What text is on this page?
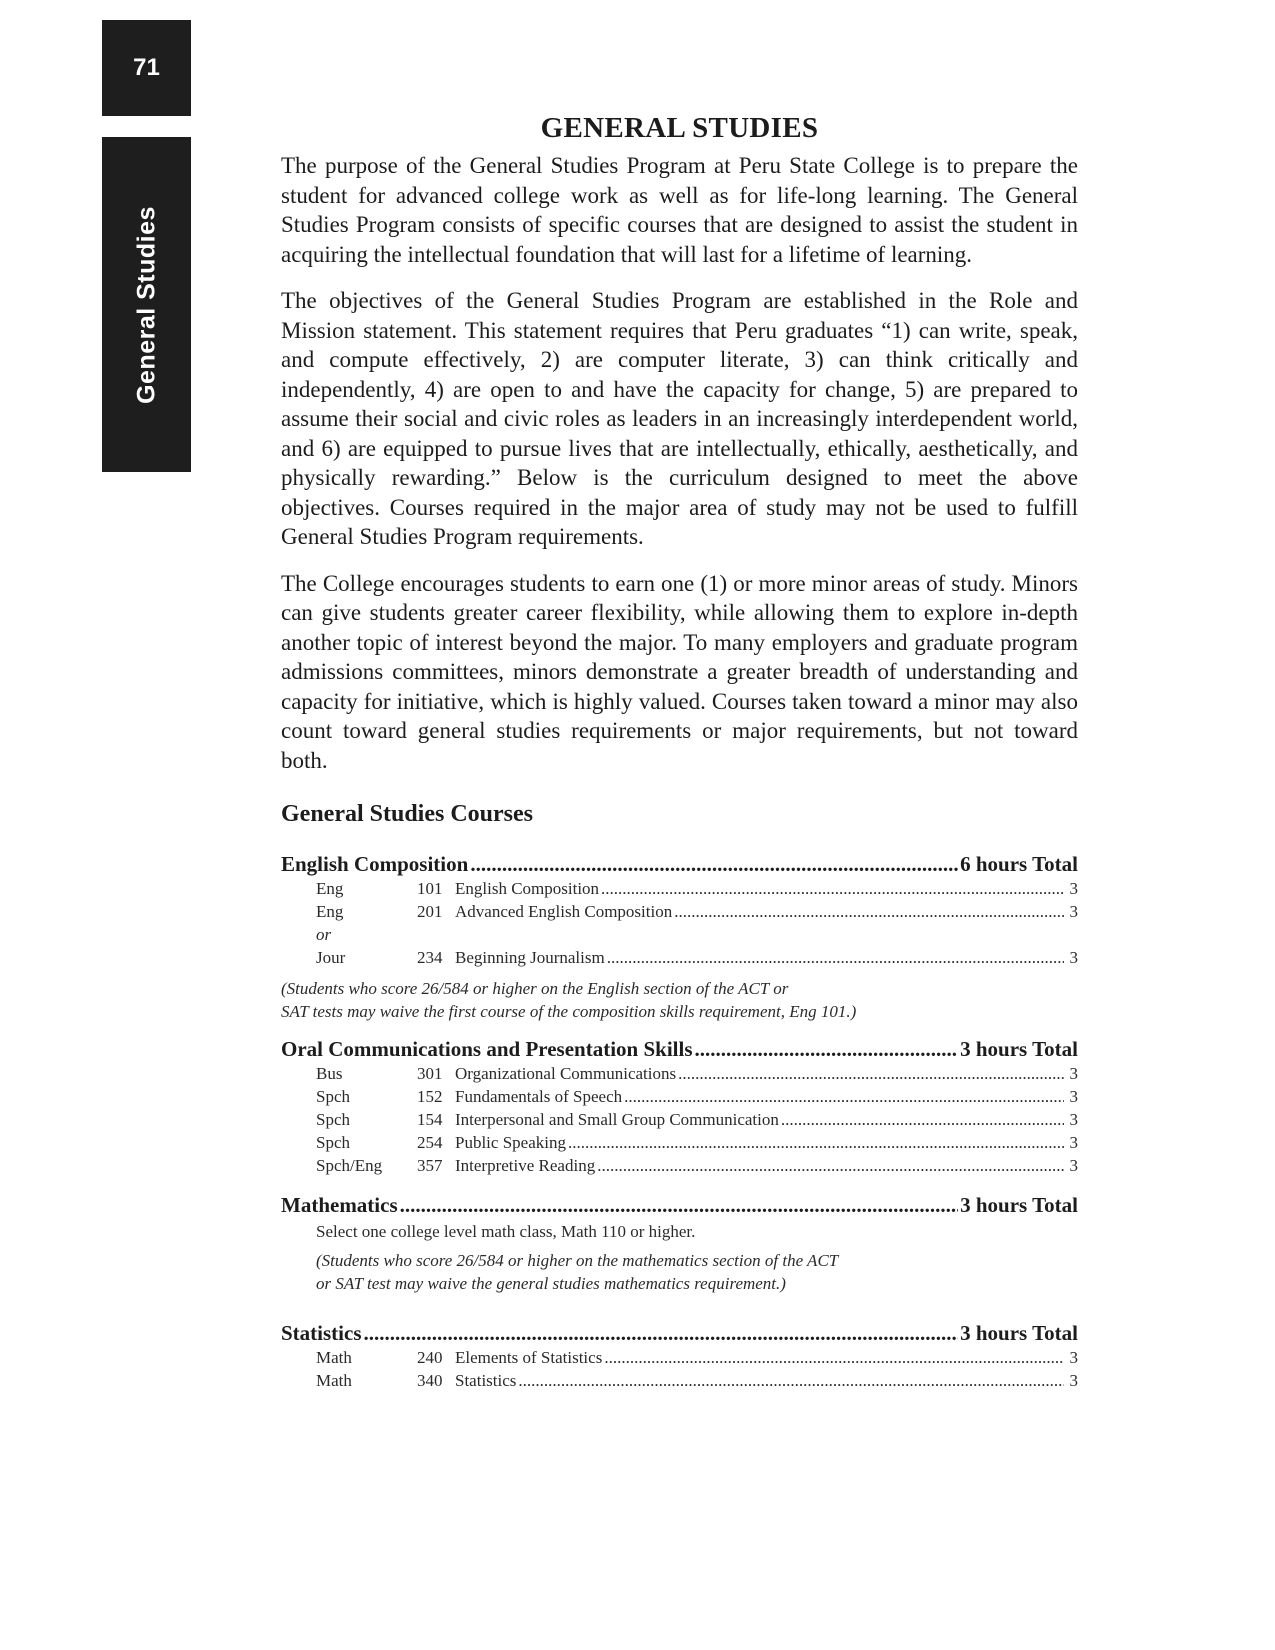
71
General Studies
GENERAL STUDIES

The purpose of the General Studies Program at Peru State College is to prepare the student for advanced college work as well as for life-long learning. The General Studies Program consists of specific courses that are designed to assist the student in acquiring the intellectual foundation that will last for a lifetime of learning.

The objectives of the General Studies Program are established in the Role and Mission statement. This statement requires that Peru graduates “1) can write, speak, and compute effectively, 2) are computer literate, 3) can think critically and independently, 4) are open to and have the capacity for change, 5) are prepared to assume their social and civic roles as leaders in an increasingly interdependent world, and 6) are equipped to pursue lives that are intellectually, ethically, aesthetically, and physically rewarding.” Below is the curriculum designed to meet the above objectives. Courses required in the major area of study may not be used to fulfill General Studies Program requirements.

The College encourages students to earn one (1) or more minor areas of study. Minors can give students greater career flexibility, while allowing them to explore in-depth another topic of interest beyond the major. To many employers and graduate program admissions committees, minors demonstrate a greater breadth of understanding and capacity for initiative, which is highly valued. Courses taken toward a minor may also count toward general studies requirements or major requirements, but not toward both.

General Studies Courses
English Composition .....	6 hours Total
Eng	101 English Composition .....	3
Eng	201 Advanced English Composition .....	3
or
Jour	234 Beginning Journalism .....	3
(Students who score 26/584 or higher on the English section of the ACT or
SAT tests may waive the first course of the composition skills requirement, Eng 101.)
Oral Communications and Presentation Skills .....	3 hours Total
Bus	301 Organizational Communications .....	3
Spch	152 Fundamentals of Speech .....	3
Spch	154 Interpersonal and Small Group Communication .....	3
Spch	254 Public Speaking .....	3
Spch/Eng	357 Interpretive Reading .....	3
Mathematics .....	3 hours Total
Select one college level math class, Math 110 or higher.
(Students who score 26/584 or higher on the mathematics section of the ACT
or SAT test may waive the general studies mathematics requirement.)
Statistics .....	3 hours Total
Math	240 Elements of Statistics .....	3
Math	340 Statistics .....	3
